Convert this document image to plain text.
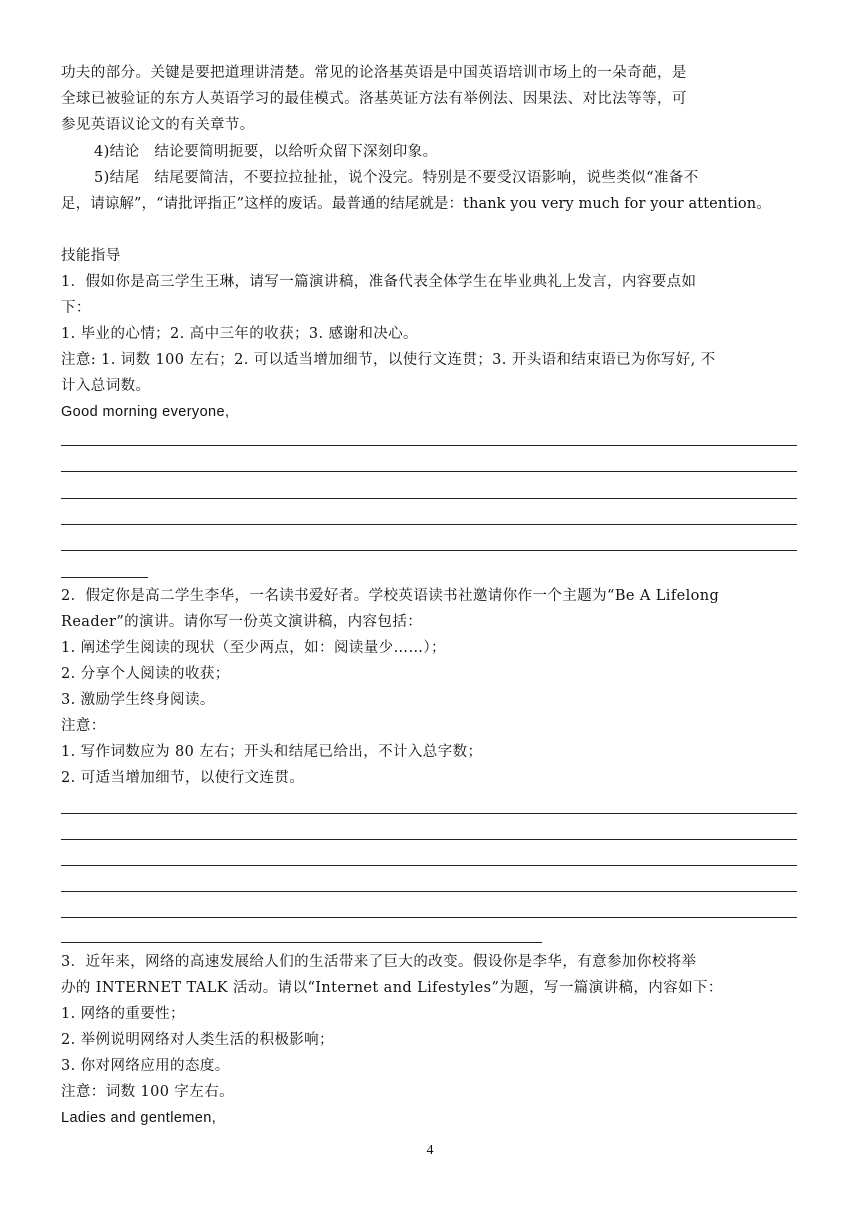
功夫的部分。关键是要把道理讲清楚。常见的论洛基英语是中国英语培训市场上的一朵奇葩，是
全球已被验证的东方人英语学习的最佳模式。洛基英证方法有举例法、因果法、对比法等等，可
参见英语议论文的有关章节。
4)结论　结论要简明扼要，以给听众留下深刻印象。
5)结尾　结尾要简洁，不要拉拉扯扯，说个没完。特别是不要受汉语影响，说些类似“准备不
足，请谅解”，“请批评指正”这样的废话。最普通的结尾就是：thank you very much for your attention。
技能指导
1．假如你是高三学生王琳，请写一篇演讲稿，准备代表全体学生在毕业典礼上发言，内容要点如
下：
1. 毕业的心情；2. 高中三年的收获；3. 感谢和决心。
注意: 1. 词数 100 左右；2. 可以适当增加细节，以使行文连贯；3. 开头语和结束语已为你写好, 不
计入总词数。
Good morning everyone,
2．假定你是高二学生李华，一名读书爱好者。学校英语读书社邀请你作一个主题为“Be A Lifelong
Reader”的演讲。请你写一份英文演讲稿，内容包括：
1. 阐述学生阅读的现状（至少两点，如：阅读量少……）；
2. 分享个人阅读的收获；
3. 激励学生终身阅读。
注意：
1. 写作词数应为 80 左右；开头和结尾已给出，不计入总字数；
2. 可适当增加细节，以使行文连贯。
3．近年来，网络的高速发展给人们的生活带来了巨大的改变。假设你是李华，有意参加你校将举
办的 INTERNET TALK 活动。请以“Internet and Lifestyles”为题，写一篇演讲稿，内容如下：
1. 网络的重要性；
2. 举例说明网络对人类生活的积极影响；
3. 你对网络应用的态度。
注意：词数 100 字左右。
Ladies and gentlemen,
4
